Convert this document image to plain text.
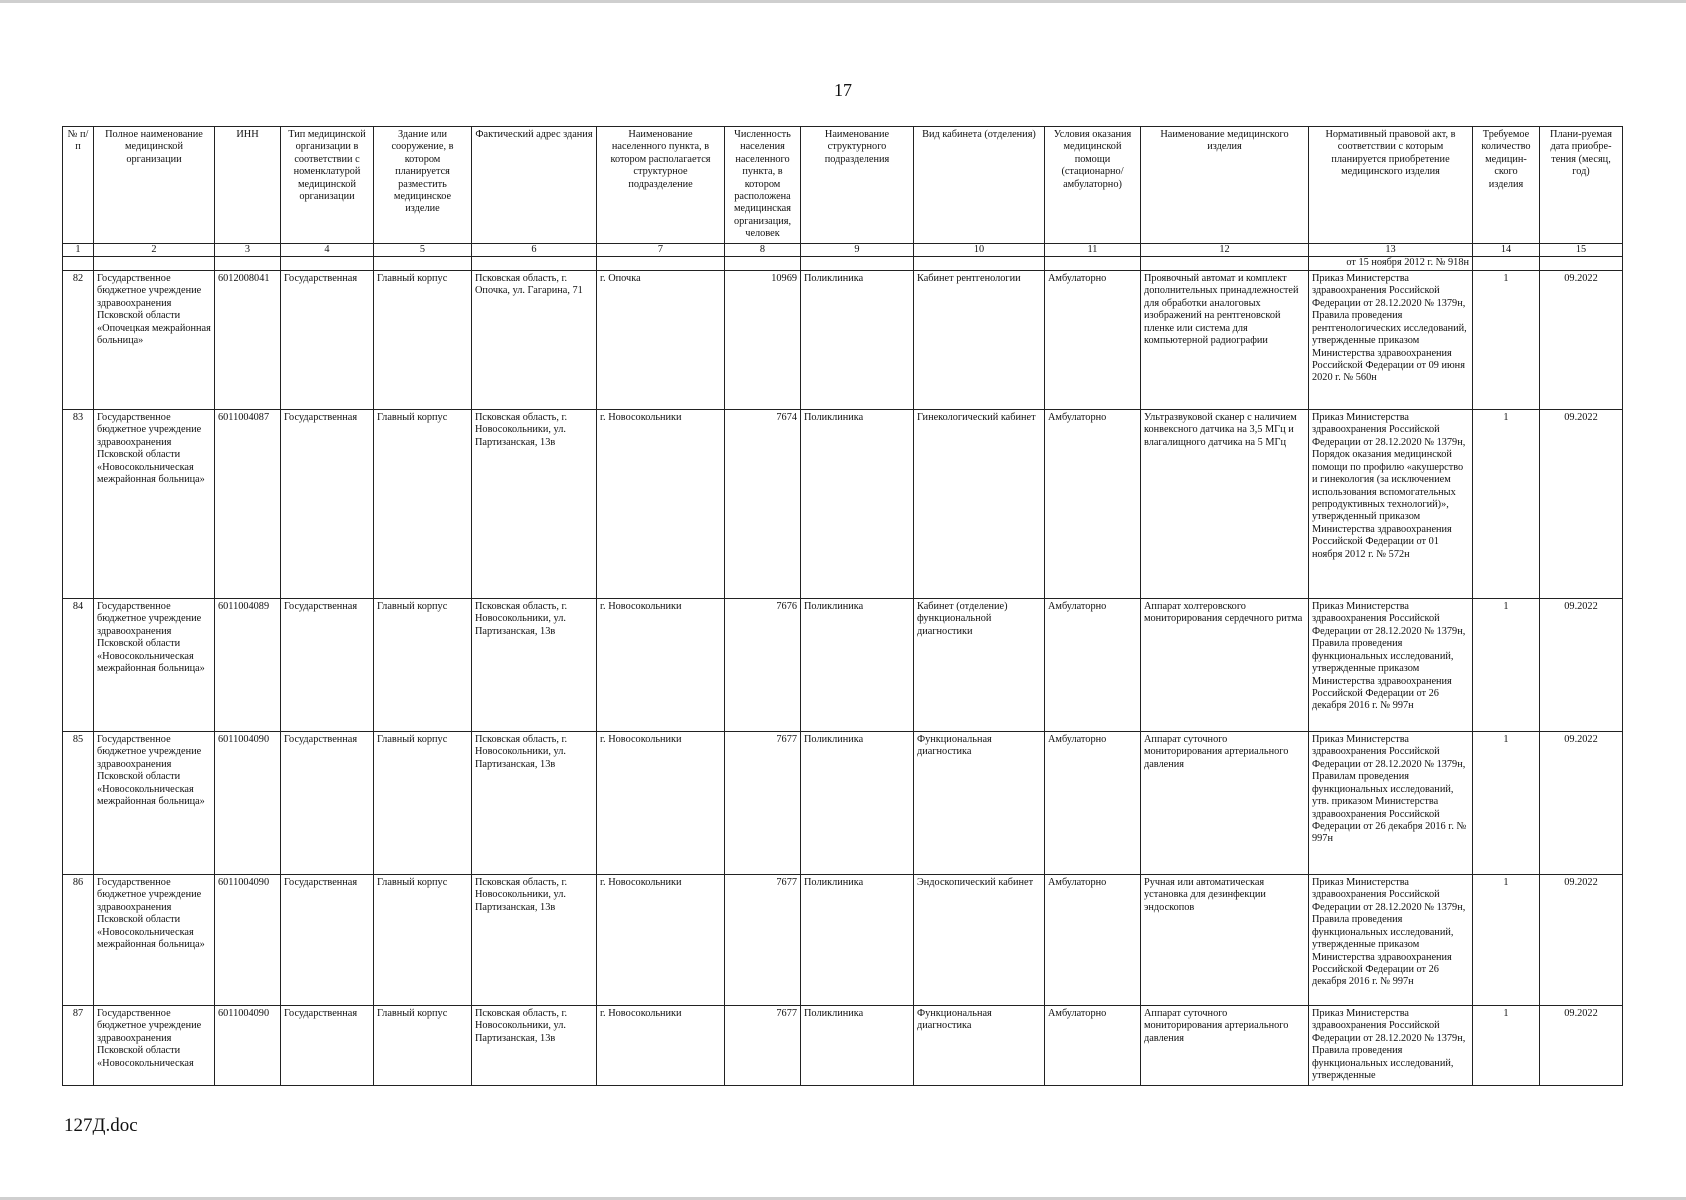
17
№ п/п	Полное наименование медицинской организации	ИНН	Тип медицинской организации в соответствии с номенклатурой медицинской организации	Здание или сооружение, в котором планируется разместить медицинское изделие	Фактический адрес здания	Наименование населенного пункта, в котором располагается структурное подразделение	Численность населения населенного пункта, в котором расположена медицинская организация, человек	Наименование структурного подразделения	Вид кабинета (отделения)	Условия оказания медицинской помощи (стационарно/ амбулаторно)	Наименование медицинского изделия	Нормативный правовой акт, в соответствии с которым планируется приобретение медицинского изделия	Требуемое количество медицин-ского изделия	Плани-руемая дата приобре-тения (месяц, год)
1	2	3	4	5	6	7	8	9	10	11	12	13	14	15
												от 15 ноября 2012 г. № 918н		
82	Государственное бюджетное учреждение здравоохранения Псковской области «Опочецкая межрайонная больница»	6012008041	Государственная	Главный корпус	Псковская область, г. Опочка, ул. Гагарина, 71	г. Опочка	10969	Поликлиника	Кабинет рентгенологии	Амбулаторно	Проявочный автомат и комплект дополнительных принадлежностей для обработки аналоговых изображений на рентгеновской пленке или система для компьютерной радиографии	Приказ Министерства здравоохранения Российской Федерации от 28.12.2020 № 1379н, Правила проведения рентгенологических исследований, утвержденные приказом Министерства здравоохранения Российской Федерации от 09 июня 2020 г. № 560н	1	09.2022
83	Государственное бюджетное учреждение здравоохранения Псковской области «Новосокольническая межрайонная больница»	6011004087	Государственная	Главный корпус	Псковская область, г. Новосокольники, ул. Партизанская, 13в	г. Новосокольники	7674	Поликлиника	Гинекологический кабинет	Амбулаторно	Ультразвуковой сканер с наличием конвексного датчика на 3,5 МГц и влагалищного датчика на 5 МГц	Приказ Министерства здравоохранения Российской Федерации от 28.12.2020 № 1379н, Порядок оказания медицинской помощи по профилю «акушерство и гинекология (за исключением использования вспомогательных репродуктивных технологий)», утвержденный приказом Министерства здравоохранения Российской Федерации от 01 ноября 2012 г. № 572н	1	09.2022
84	Государственное бюджетное учреждение здравоохранения Псковской области «Новосокольническая межрайонная больница»	6011004089	Государственная	Главный корпус	Псковская область, г. Новосокольники, ул. Партизанская, 13в	г. Новосокольники	7676	Поликлиника	Кабинет (отделение) функциональной диагностики	Амбулаторно	Аппарат холтеровского мониторирования сердечного ритма	Приказ Министерства здравоохранения Российской Федерации от 28.12.2020 № 1379н, Правила проведения функциональных исследований, утвержденные приказом Министерства здравоохранения Российской Федерации от 26 декабря 2016 г. № 997н	1	09.2022
85	Государственное бюджетное учреждение здравоохранения Псковской области «Новосокольническая межрайонная больница»	6011004090	Государственная	Главный корпус	Псковская область, г. Новосокольники, ул. Партизанская, 13в	г. Новосокольники	7677	Поликлиника	Функциональная диагностика	Амбулаторно	Аппарат суточного мониторирования артериального давления	Приказ Министерства здравоохранения Российской Федерации от 28.12.2020 № 1379н, Правилам проведения функциональных исследований, утв. приказом Министерства здравоохранения Российской Федерации от 26 декабря 2016 г. № 997н	1	09.2022
86	Государственное бюджетное учреждение здравоохранения Псковской области «Новосокольническая межрайонная больница»	6011004090	Государственная	Главный корпус	Псковская область, г. Новосокольники, ул. Партизанская, 13в	г. Новосокольники	7677	Поликлиника	Эндоскопический кабинет	Амбулаторно	Ручная или автоматическая установка для дезинфекции эндоскопов	Приказ Министерства здравоохранения Российской Федерации от 28.12.2020 № 1379н, Правила проведения функциональных исследований, утвержденные приказом Министерства здравоохранения Российской Федерации от 26 декабря 2016 г. № 997н	1	09.2022
87	Государственное бюджетное учреждение здравоохранения Псковской области «Новосокольническая	6011004090	Государственная	Главный корпус	Псковская область, г. Новосокольники, ул. Партизанская, 13в	г. Новосокольники	7677	Поликлиника	Функциональная диагностика	Амбулаторно	Аппарат суточного мониторирования артериального давления	Приказ Министерства здравоохранения Российской Федерации от 28.12.2020 № 1379н, Правила проведения функциональных исследований, утвержденные	1	09.2022
127Д.doc
